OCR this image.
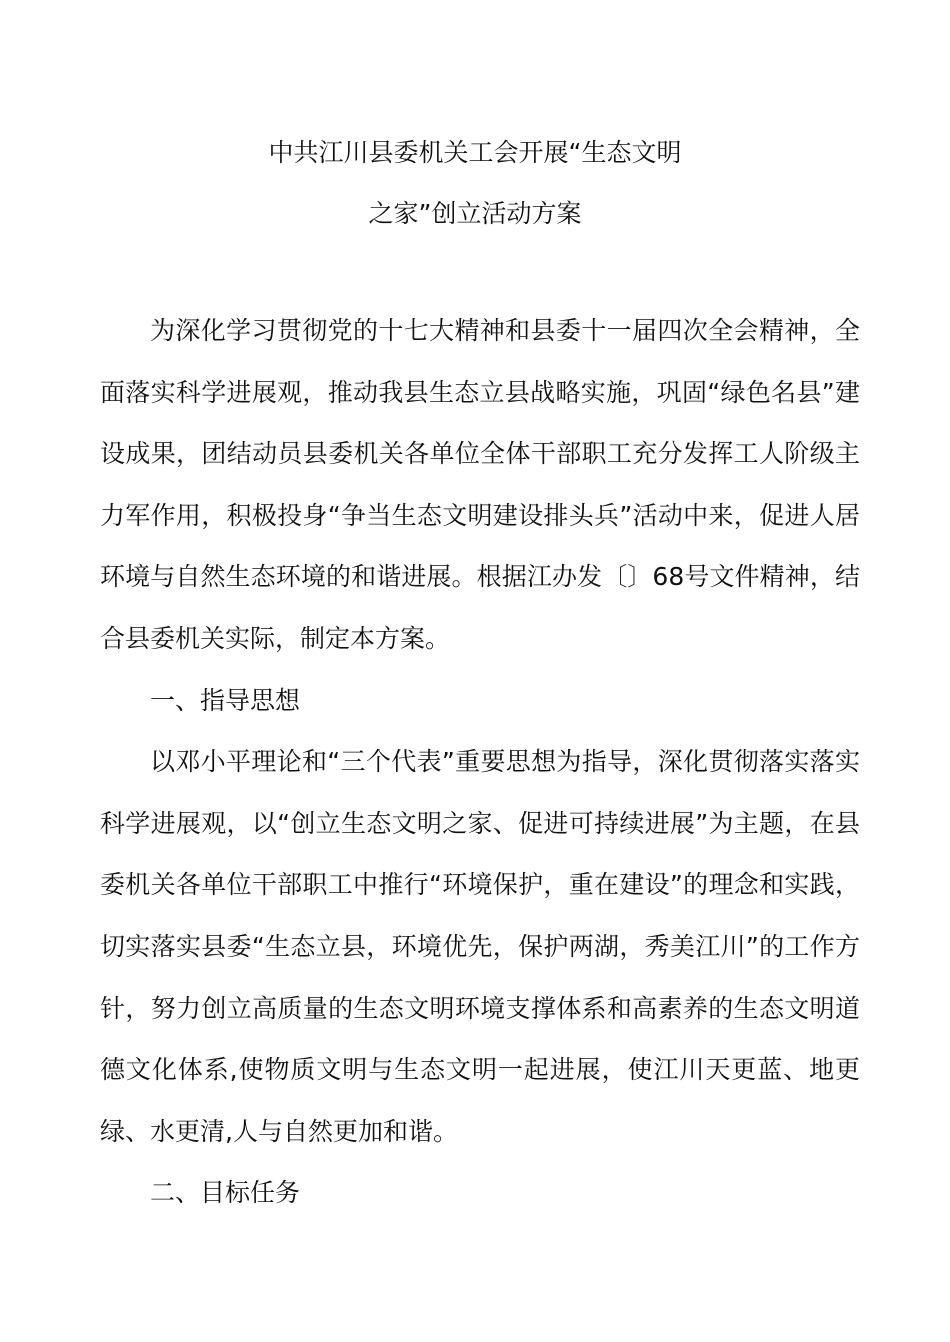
中共江川县委机关工会开展“生态文明
之家”创立活动方案

为深化学习贯彻党的十七大精神和县委十一届四次全会精神，全面落实科学进展观，推动我县生态立县战略实施，巩固“绿色名县”建设成果，团结动员县委机关各单位全体干部职工充分发挥工人阶级主力军作用，积极投身“争当生态文明建设排头兵”活动中来，促进人居环境与自然生态环境的和谐进展。根据江办发〔〕68号文件精神，结合县委机关实际，制定本方案。

一、指导思想

以邓小平理论和“三个代表”重要思想为指导，深化贯彻落实落实科学进展观，以“创立生态文明之家、促进可持续进展”为主题，在县委机关各单位干部职工中推行“环境保护，重在建设”的理念和实践，切实落实县委“生态立县，环境优先，保护两湖，秀美江川”的工作方针，努力创立高质量的生态文明环境支撑体系和高素养的生态文明道德文化体系,使物质文明与生态文明一起进展，使江川天更蓝、地更绿、水更清,人与自然更加和谐。

二、目标任务
